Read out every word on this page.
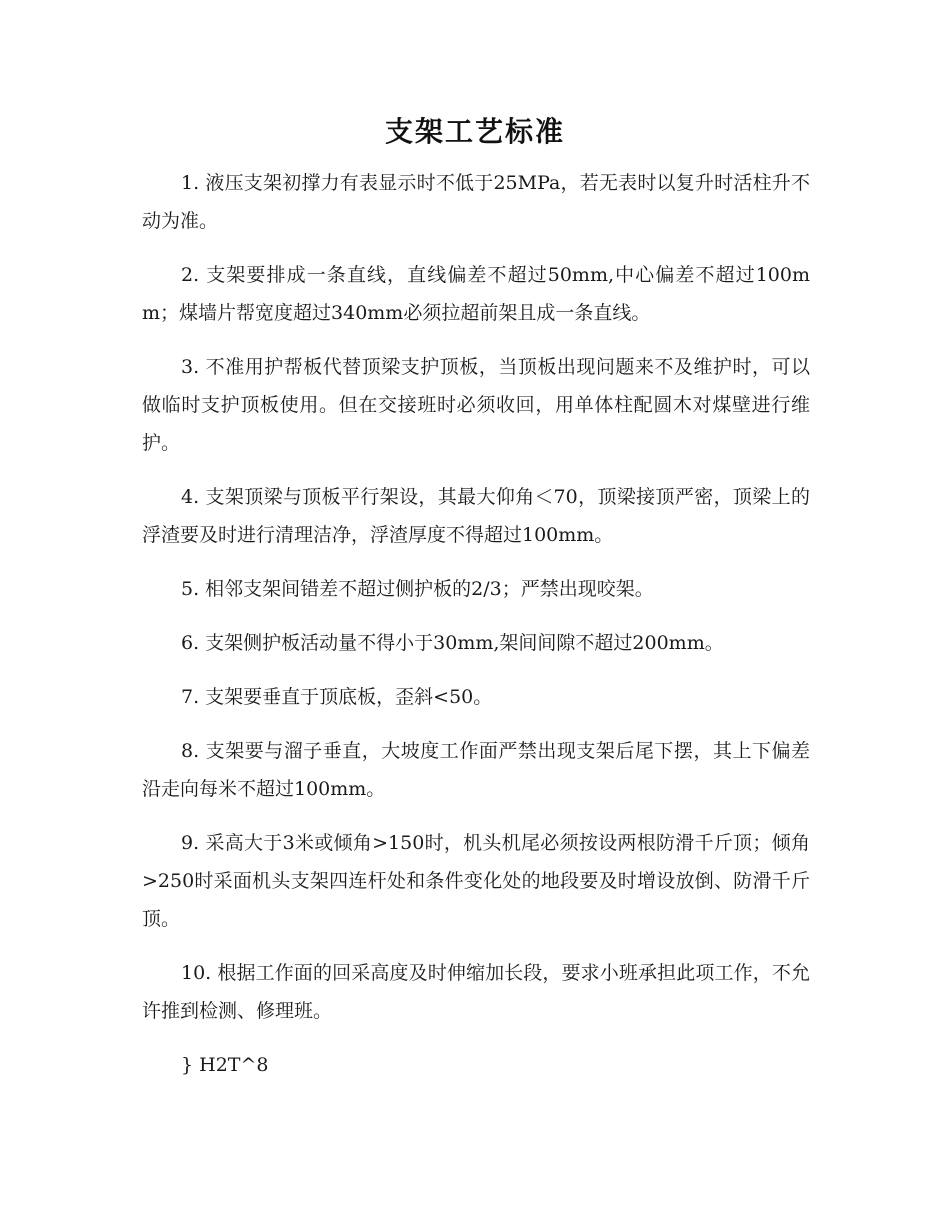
支架工艺标准

1. 液压支架初撑力有表显示时不低于25MPa，若无表时以复升时活柱升不动为准。

2. 支架要排成一条直线，直线偏差不超过50mm,中心偏差不超过100mm；煤墙片帮宽度超过340mm必须拉超前架且成一条直线。

3. 不准用护帮板代替顶梁支护顶板，当顶板出现问题来不及维护时，可以做临时支护顶板使用。但在交接班时必须收回，用单体柱配圆木对煤壁进行维护。

4. 支架顶梁与顶板平行架设，其最大仰角＜70，顶梁接顶严密，顶梁上的浮渣要及时进行清理洁净，浮渣厚度不得超过100mm。

5. 相邻支架间错差不超过侧护板的2/3；严禁出现咬架。

6. 支架侧护板活动量不得小于30mm,架间间隙不超过200mm。

7. 支架要垂直于顶底板，歪斜<50。

8. 支架要与溜子垂直，大坡度工作面严禁出现支架后尾下摆，其上下偏差沿走向每米不超过100mm。

9. 采高大于3米或倾角>150时，机头机尾必须按设两根防滑千斤顶；倾角>250时采面机头支架四连杆处和条件变化处的地段要及时增设放倒、防滑千斤顶。

10. 根据工作面的回采高度及时伸缩加长段，要求小班承担此项工作，不允许推到检测、修理班。

} H2T^8
